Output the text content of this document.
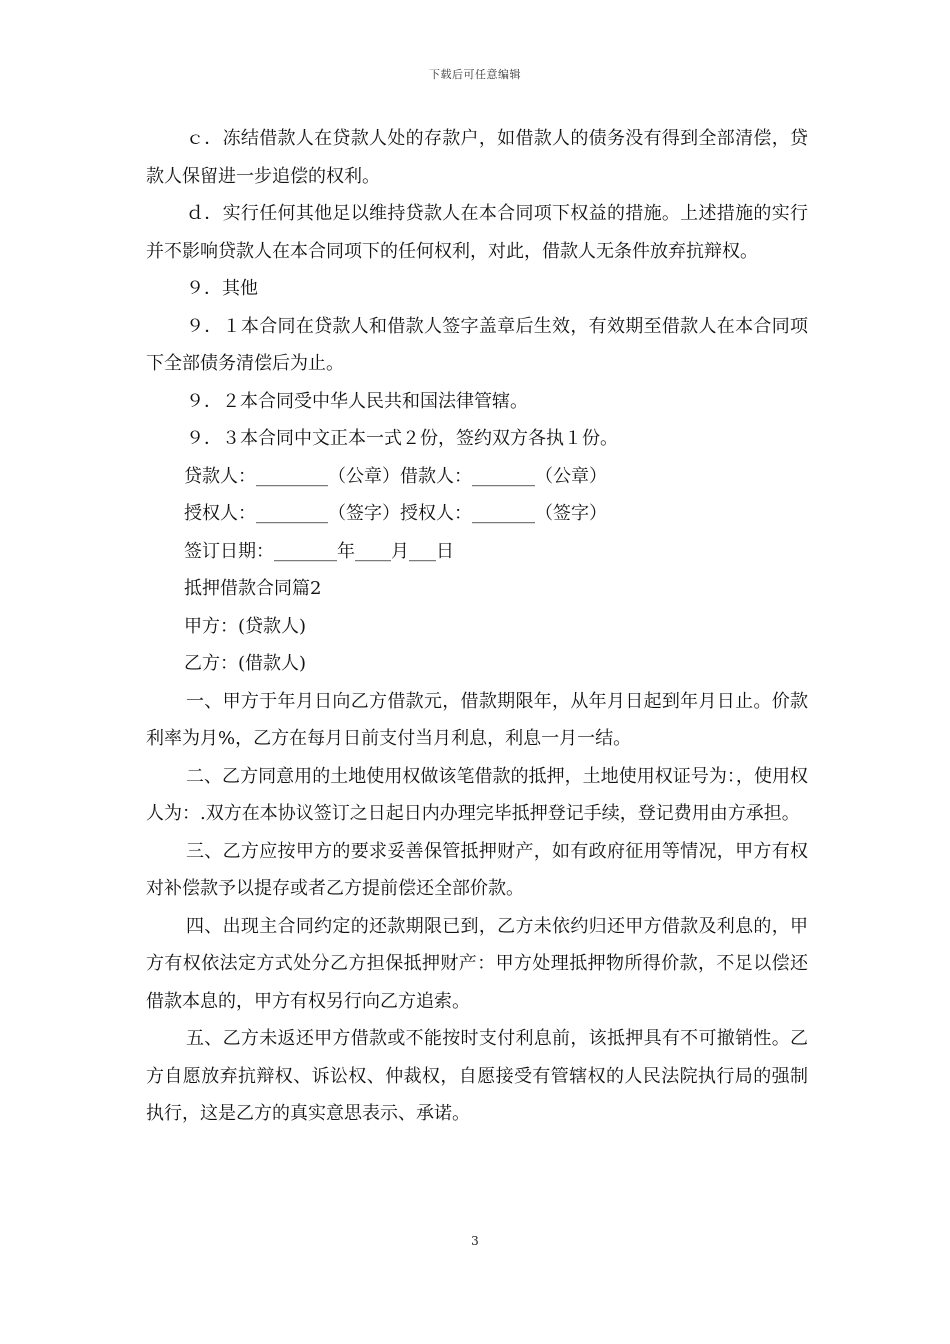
下载后可任意编辑

ｃ．冻结借款人在贷款人处的存款户，如借款人的债务没有得到全部清偿，贷款人保留进一步追偿的权利。

ｄ．实行任何其他足以维持贷款人在本合同项下权益的措施。上述措施的实行并不影响贷款人在本合同项下的任何权利，对此，借款人无条件放弃抗辩权。

９．其他

９．１本合同在贷款人和借款人签字盖章后生效，有效期至借款人在本合同项下全部债务清偿后为止。

９．２本合同受中华人民共和国法律管辖。

９．３本合同中文正本一式２份，签约双方各执１份。

贷款人：________（公章）借款人：_______（公章）

授权人：________（签字）授权人：_______（签字）

签订日期：_______年____月___日

抵押借款合同篇2

甲方：(贷款人)

乙方：(借款人)

一、甲方于年月日向乙方借款元，借款期限年，从年月日起到年月日止。价款利率为月%，乙方在每月日前支付当月利息，利息一月一结。

二、乙方同意用的土地使用权做该笔借款的抵押，土地使用权证号为：，使用权人为：.双方在本协议签订之日起日内办理完毕抵押登记手续，登记费用由方承担。

三、乙方应按甲方的要求妥善保管抵押财产，如有政府征用等情况，甲方有权对补偿款予以提存或者乙方提前偿还全部价款。

四、出现主合同约定的还款期限已到，乙方未依约归还甲方借款及利息的，甲方有权依法定方式处分乙方担保抵押财产：甲方处理抵押物所得价款，不足以偿还借款本息的，甲方有权另行向乙方追索。

五、乙方未返还甲方借款或不能按时支付利息前，该抵押具有不可撤销性。乙方自愿放弃抗辩权、诉讼权、仲裁权，自愿接受有管辖权的人民法院执行局的强制执行，这是乙方的真实意思表示、承诺。

3
